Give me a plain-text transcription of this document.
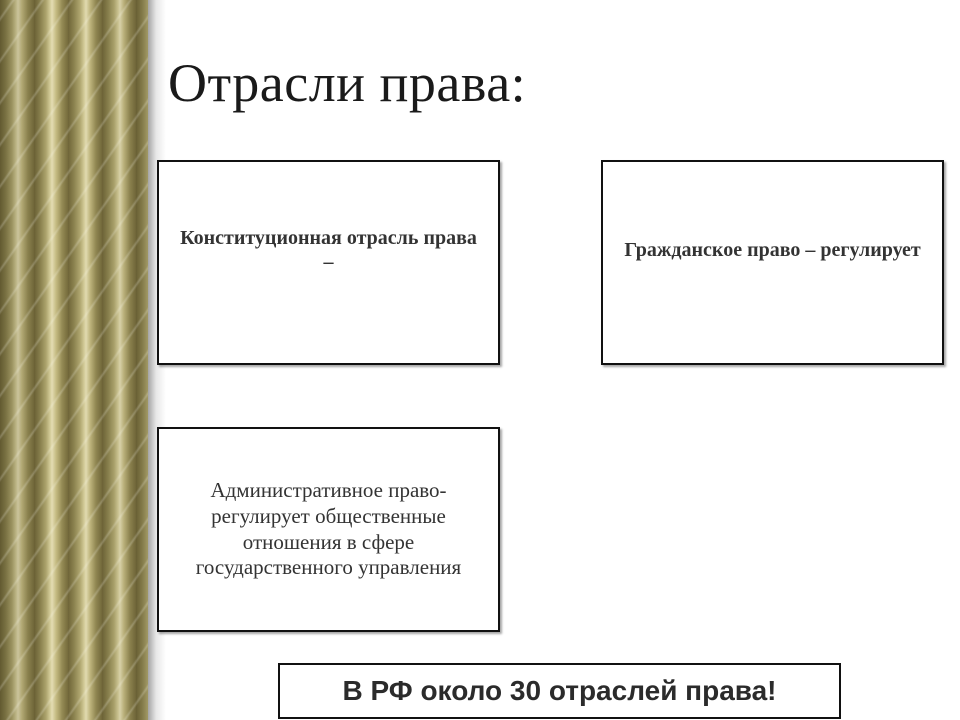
Отрасли права:
Конституционная отрасль права –
Гражданское право – регулирует
Административное право- регулирует общественные отношения в сфере государственного управления
В РФ около 30 отраслей права!
